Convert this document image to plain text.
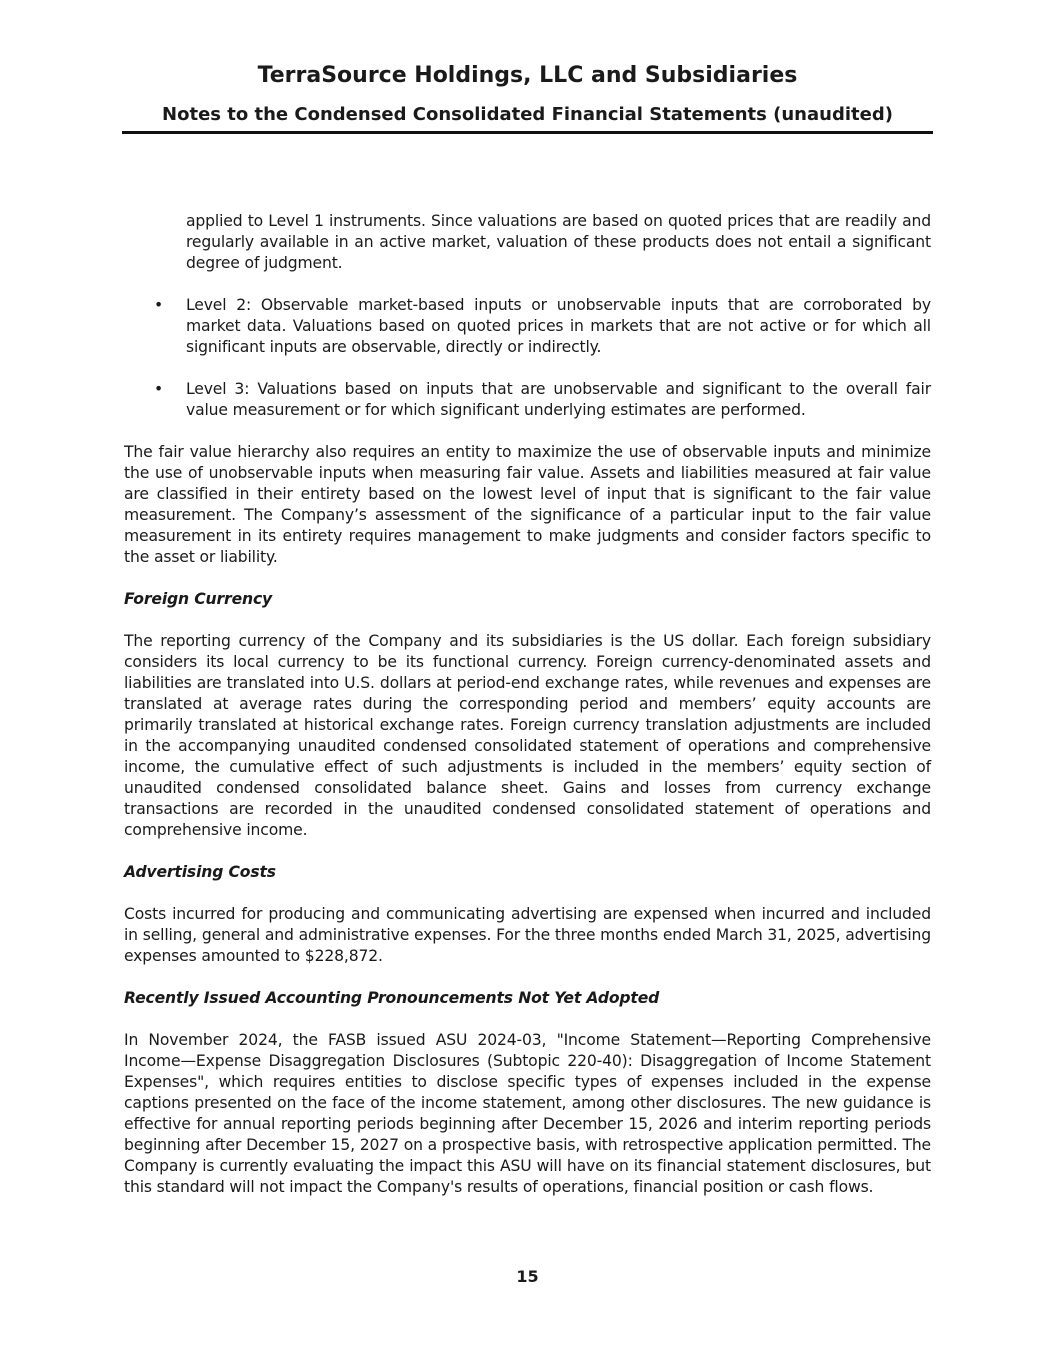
TerraSource Holdings, LLC and Subsidiaries
Notes to the Condensed Consolidated Financial Statements (unaudited)

applied to Level 1 instruments. Since valuations are based on quoted prices that are readily and regularly available in an active market, valuation of these products does not entail a significant degree of judgment.

• Level 2: Observable market-based inputs or unobservable inputs that are corroborated by market data. Valuations based on quoted prices in markets that are not active or for which all significant inputs are observable, directly or indirectly.

• Level 3: Valuations based on inputs that are unobservable and significant to the overall fair value measurement or for which significant underlying estimates are performed.

The fair value hierarchy also requires an entity to maximize the use of observable inputs and minimize the use of unobservable inputs when measuring fair value. Assets and liabilities measured at fair value are classified in their entirety based on the lowest level of input that is significant to the fair value measurement. The Company’s assessment of the significance of a particular input to the fair value measurement in its entirety requires management to make judgments and consider factors specific to the asset or liability.

Foreign Currency

The reporting currency of the Company and its subsidiaries is the US dollar. Each foreign subsidiary considers its local currency to be its functional currency. Foreign currency-denominated assets and liabilities are translated into U.S. dollars at period-end exchange rates, while revenues and expenses are translated at average rates during the corresponding period and members’ equity accounts are primarily translated at historical exchange rates. Foreign currency translation adjustments are included in the accompanying unaudited condensed consolidated statement of operations and comprehensive income, the cumulative effect of such adjustments is included in the members’ equity section of unaudited condensed consolidated balance sheet. Gains and losses from currency exchange transactions are recorded in the unaudited condensed consolidated statement of operations and comprehensive income.

Advertising Costs

Costs incurred for producing and communicating advertising are expensed when incurred and included in selling, general and administrative expenses. For the three months ended March 31, 2025, advertising expenses amounted to $228,872.

Recently Issued Accounting Pronouncements Not Yet Adopted

In November 2024, the FASB issued ASU 2024-03, "Income Statement—Reporting Comprehensive Income—Expense Disaggregation Disclosures (Subtopic 220-40): Disaggregation of Income Statement Expenses", which requires entities to disclose specific types of expenses included in the expense captions presented on the face of the income statement, among other disclosures. The new guidance is effective for annual reporting periods beginning after December 15, 2026 and interim reporting periods beginning after December 15, 2027 on a prospective basis, with retrospective application permitted. The Company is currently evaluating the impact this ASU will have on its financial statement disclosures, but this standard will not impact the Company's results of operations, financial position or cash flows.

15
